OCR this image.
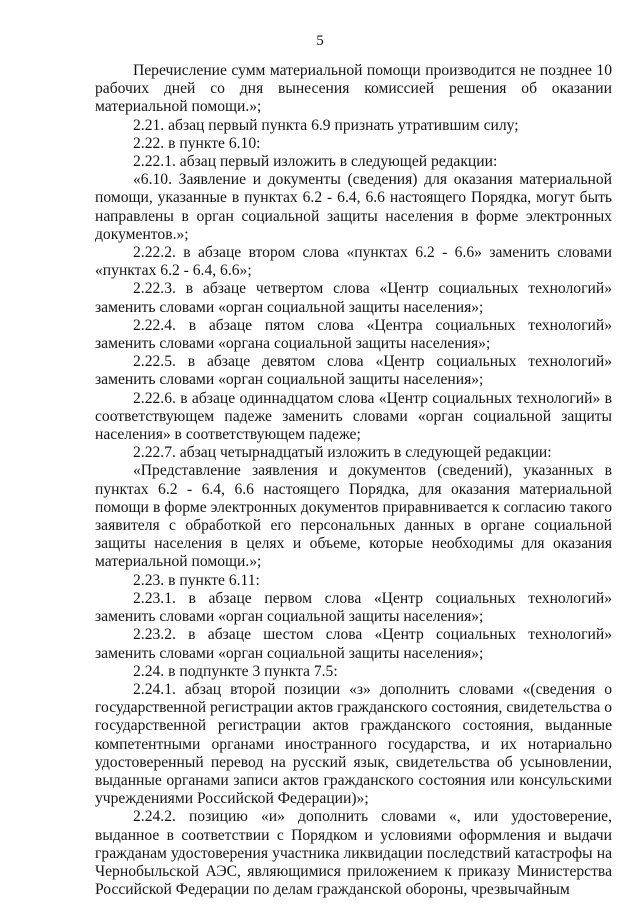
5

Перечисление сумм материальной помощи производится не позднее 10 рабочих дней со дня вынесения комиссией решения об оказании материальной помощи.»;

2.21. абзац первый пункта 6.9 признать утратившим силу;

2.22. в пункте 6.10:

2.22.1. абзац первый изложить в следующей редакции:

«6.10. Заявление и документы (сведения) для оказания материальной помощи, указанные в пунктах 6.2 - 6.4, 6.6 настоящего Порядка, могут быть направлены в орган социальной защиты населения в форме электронных документов.»;

2.22.2. в абзаце втором слова «пунктах 6.2 - 6.6» заменить словами «пунктах 6.2 - 6.4, 6.6»;

2.22.3. в абзаце четвертом слова «Центр социальных технологий» заменить словами «орган социальной защиты населения»;

2.22.4. в абзаце пятом слова «Центра социальных технологий» заменить словами «органа социальной защиты населения»;

2.22.5. в абзаце девятом слова «Центр социальных технологий» заменить словами «орган социальной защиты населения»;

2.22.6. в абзаце одиннадцатом слова «Центр социальных технологий» в соответствующем падеже заменить словами «орган социальной защиты населения» в соответствующем падеже;

2.22.7. абзац четырнадцатый изложить в следующей редакции:

«Представление заявления и документов (сведений), указанных в пунктах 6.2 - 6.4, 6.6 настоящего Порядка, для оказания материальной помощи в форме электронных документов приравнивается к согласию такого заявителя с обработкой его персональных данных в органе социальной защиты населения в целях и объеме, которые необходимы для оказания материальной помощи.»;

2.23. в пункте 6.11:

2.23.1. в абзаце первом слова «Центр социальных технологий» заменить словами «орган социальной защиты населения»;

2.23.2. в абзаце шестом слова «Центр социальных технологий» заменить словами «орган социальной защиты населения»;

2.24. в подпункте 3 пункта 7.5:

2.24.1. абзац второй позиции «з» дополнить словами «(сведения о государственной регистрации актов гражданского состояния, свидетельства о государственной регистрации актов гражданского состояния, выданные компетентными органами иностранного государства, и их нотариально удостоверенный перевод на русский язык, свидетельства об усыновлении, выданные органами записи актов гражданского состояния или консульскими учреждениями Российской Федерации)»;

2.24.2. позицию «и» дополнить словами «, или удостоверение, выданное в соответствии с Порядком и условиями оформления и выдачи гражданам удостоверения участника ликвидации последствий катастрофы на Чернобыльской АЭС, являющимися приложением к приказу Министерства Российской Федерации по делам гражданской обороны, чрезвычайным
